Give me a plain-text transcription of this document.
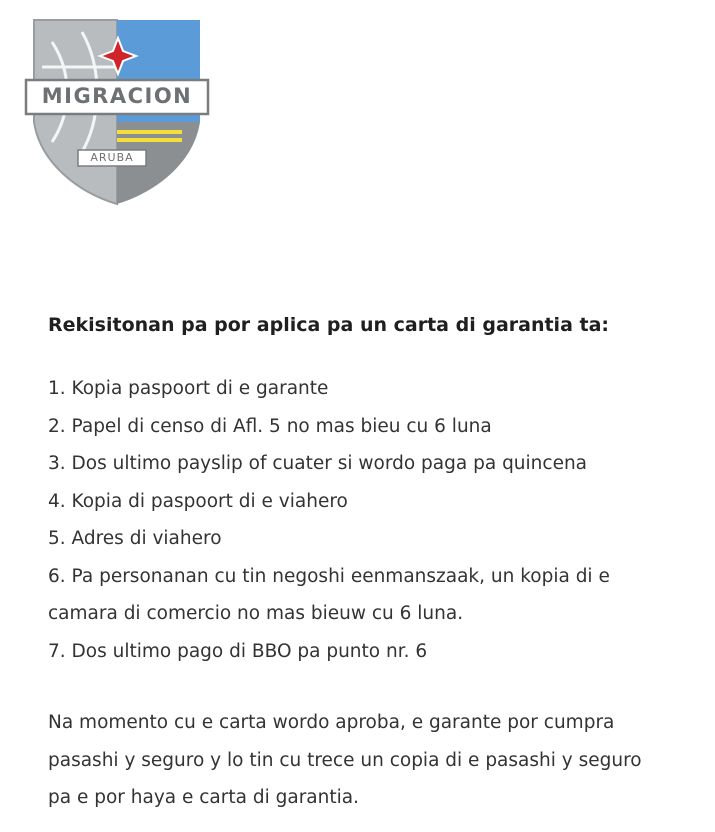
MIGRACION
ARUBA
Rekisitonan pa por aplica pa un carta di garantia ta:
1. Kopia paspoort di e garante
2. Papel di censo di Afl. 5 no mas bieu cu 6 luna
3. Dos ultimo payslip of cuater si wordo paga pa quincena
4. Kopia di paspoort di e viahero
5. Adres di viahero
6. Pa personanan cu tin negoshi eenmanszaak, un kopia di e
camara di comercio no mas bieuw cu 6 luna.
7. Dos ultimo pago di BBO pa punto nr. 6

Na momento cu e carta wordo aproba, e garante por cumpra
pasashi y seguro y lo tin cu trece un copia di e pasashi y seguro
pa e por haya e carta di garantia.
